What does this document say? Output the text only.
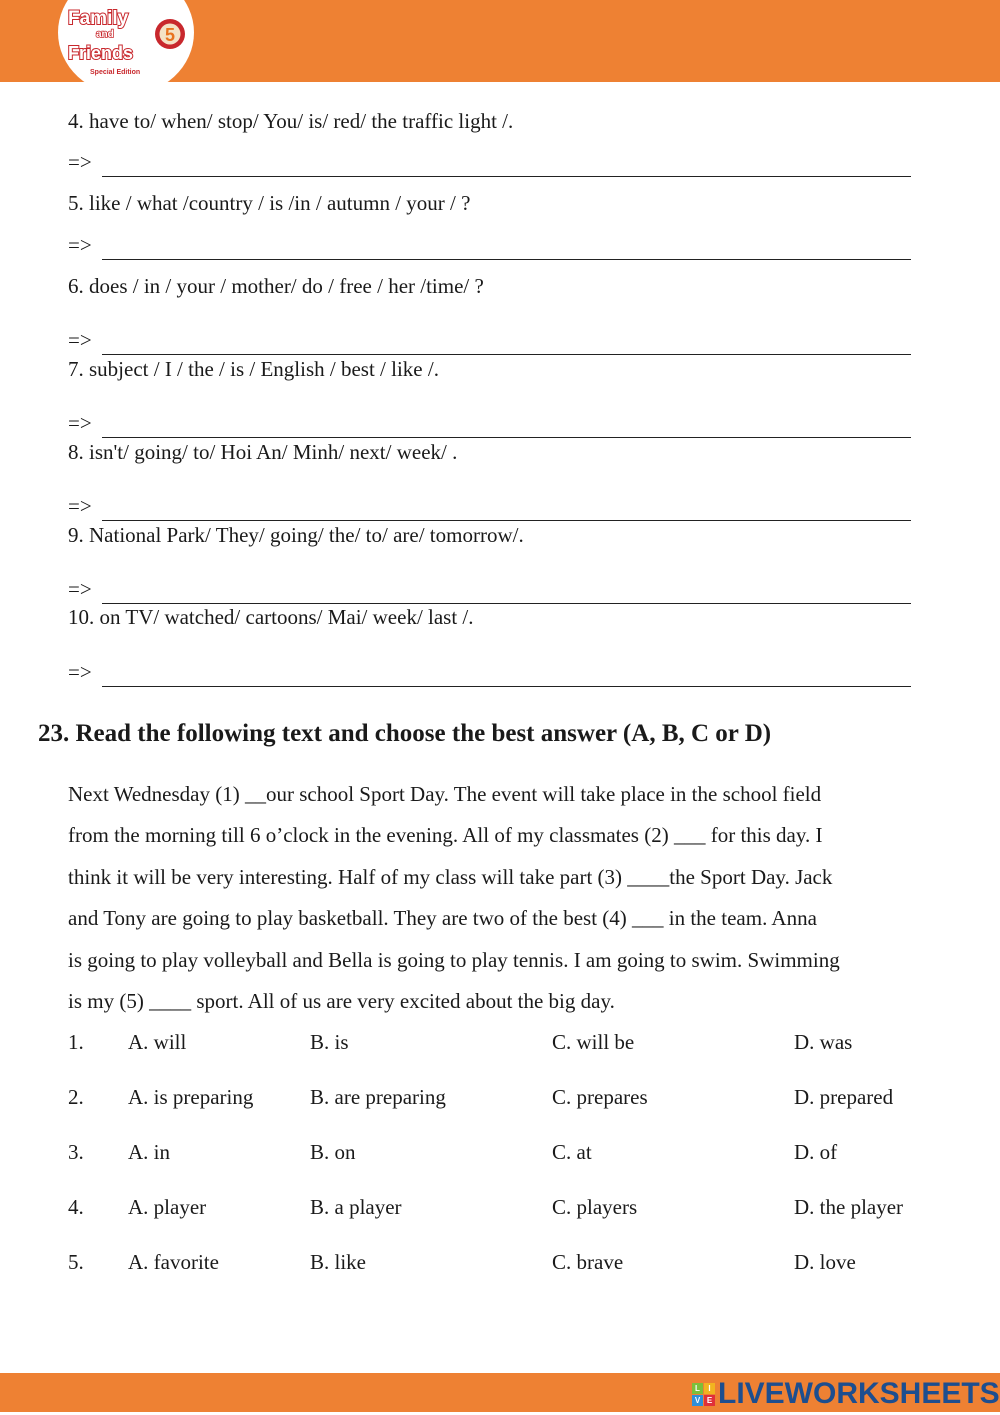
5
Family
and
Friends
Special Edition
4. have to/ when/ stop/ You/ is/ red/ the traffic light /.
=>
5. like / what /country / is /in / autumn / your / ?
=>
6. does / in / your / mother/ do / free / her /time/ ?
=>
7. subject / I / the / is / English / best / like /.
=>
8. isn't/ going/ to/ Hoi An/ Minh/ next/ week/ .
=>
9. National Park/ They/ going/ the/ to/ are/ tomorrow/.
=>
10. on TV/ watched/ cartoons/ Mai/ week/ last /.
=>
23. Read the following text and choose the best answer (A, B, C or D)
Next Wednesday (1) __our school Sport Day. The event will take place in the school field
from the morning till 6 o’clock in the evening. All of my classmates (2) ___ for this day. I
think it will be very interesting. Half of my class will take part (3) ____the Sport Day. Jack
and Tony are going to play basketball. They are two of the best (4) ___ in the team. Anna
is going to play volleyball and Bella is going to play tennis. I am going to swim. Swimming
is my (5) ____ sport. All of us are very excited about the big day.
1. A. will	B. is	C. will be	D. was
2. A. is preparing	B. are preparing	C. prepares	D. prepared
3. A. in	B. on	C. at	D. of
4. A. player	B. a player	C. players	D. the player
5. A. favorite	B. like	C. brave	D. love
L	I
V E LIVEWORKSHEETS
